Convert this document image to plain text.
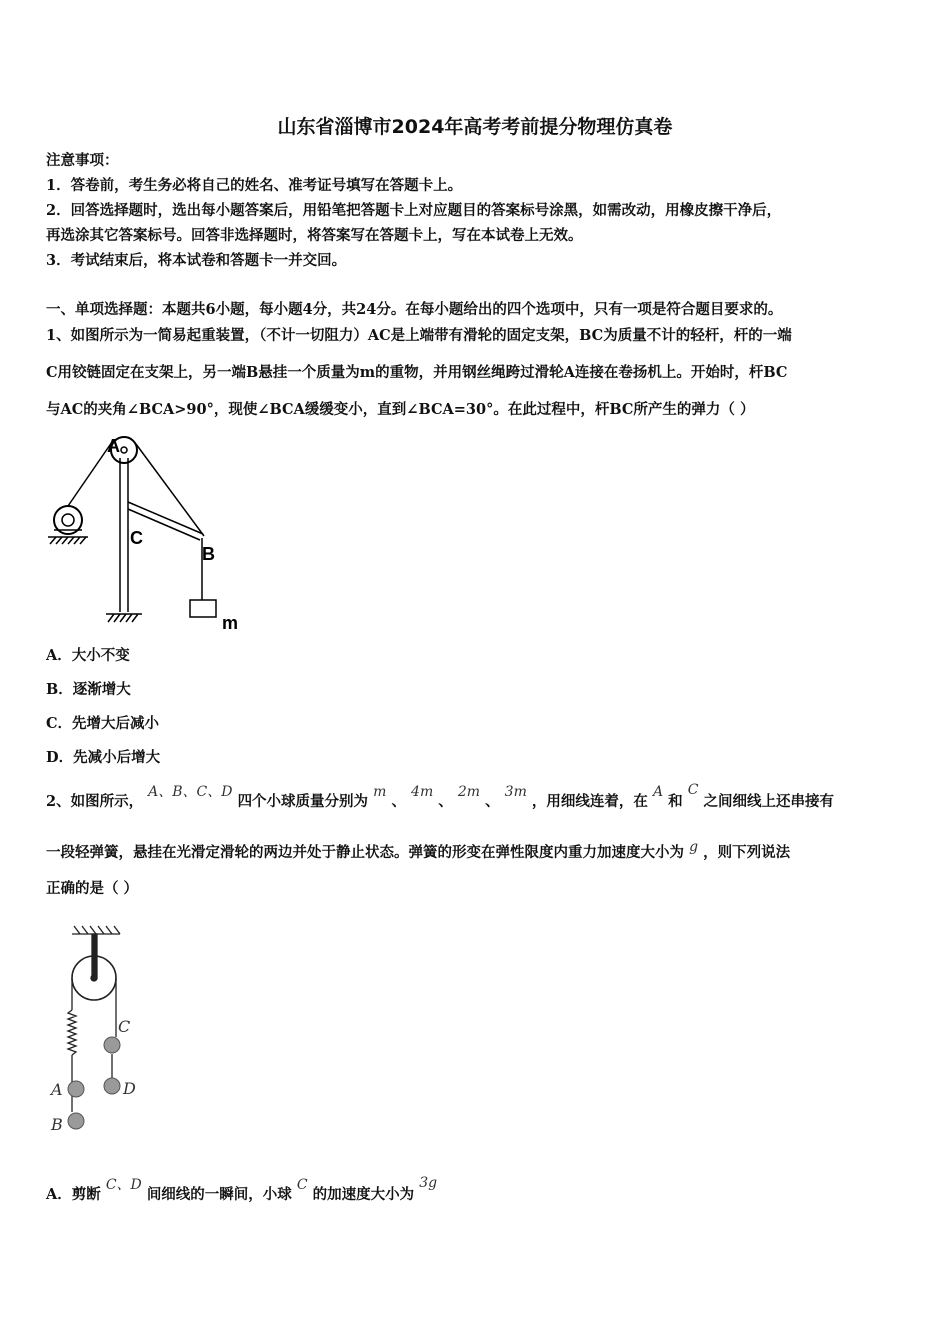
山东省淄博市2024年高考考前提分物理仿真卷
注意事项：
1．答卷前，考生务必将自己的姓名、准考证号填写在答题卡上。
2．回答选择题时，选出每小题答案后，用铅笔把答题卡上对应题目的答案标号涂黑，如需改动，用橡皮擦干净后，
再选涂其它答案标号。回答非选择题时，将答案写在答题卡上，写在本试卷上无效。
3．考试结束后，将本试卷和答题卡一并交回。
一、单项选择题：本题共6小题，每小题4分，共24分。在每小题给出的四个选项中，只有一项是符合题目要求的。
1、如图所示为一简易起重装置，（不计一切阻力）AC是上端带有滑轮的固定支架，BC为质量不计的轻杆，杆的一端
C用铰链固定在支架上，另一端B悬挂一个质量为m的重物，并用钢丝绳跨过滑轮A连接在卷扬机上。开始时，杆BC
与AC的夹角∠BCA>90°，现使∠BCA缓缓变小，直到∠BCA=30°。在此过程中，杆BC所产生的弹力（ ）
A
C
B
m
A．大小不变
B．逐渐增大
C．先增大后减小
D．先减小后增大
2、如图所示， A、B、C、D 四个小球质量分别为 m 、 4m 、 2m 、 3m ，用细线连着，在 A 和 C 之间细线上还串接有
一段轻弹簧，悬挂在光滑定滑轮的两边并处于静止状态。弹簧的形变在弹性限度内重力加速度大小为 g ，则下列说法
正确的是（ ）
A
B
C
D
A．剪断 C、D 间细线的一瞬间，小球 C 的加速度大小为 3g
